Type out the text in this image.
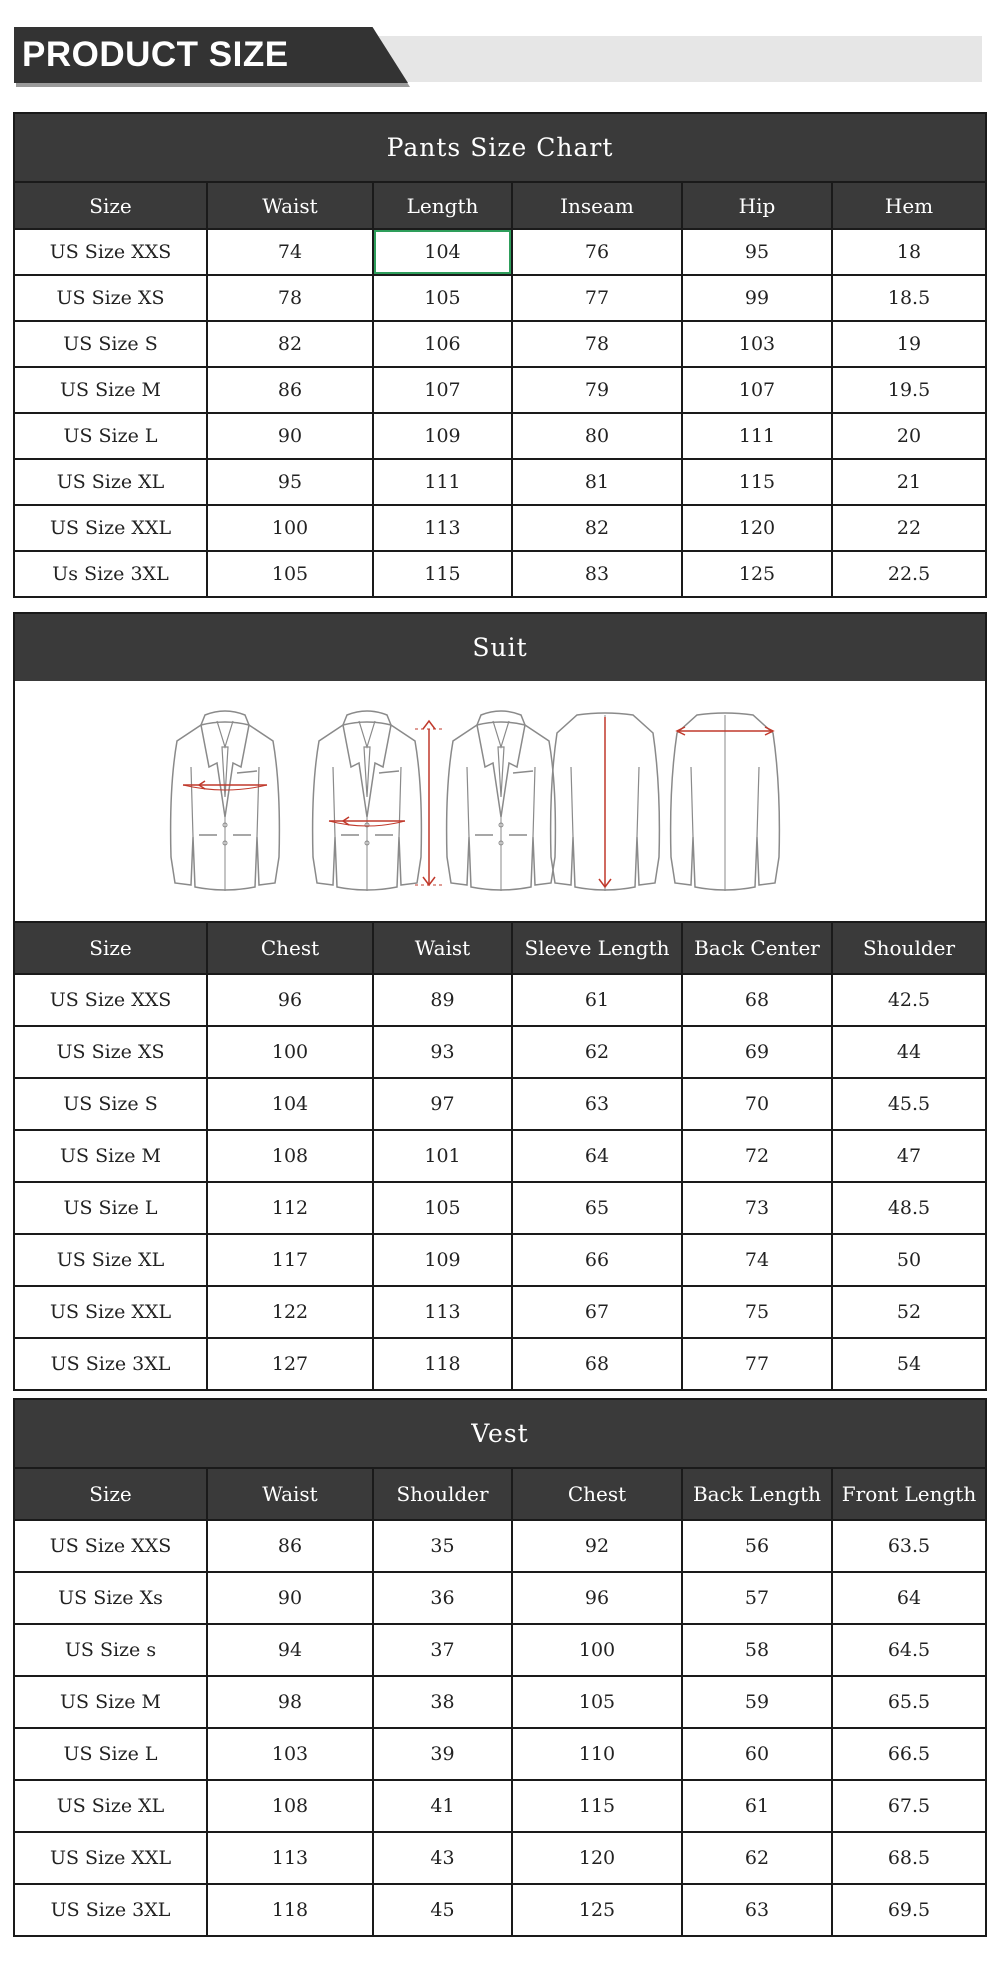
PRODUCT SIZE
Pants Size Chart					
Size	Waist	Length	Inseam	Hip	Hem
US Size XXS	74	104	76	95	18
US Size XS	78	105	77	99	18.5
US Size S	82	106	78	103	19
US Size M	86	107	79	107	19.5
US Size L	90	109	80	111	20
US Size XL	95	111	81	115	21
US Size XXL	100	113	82	120	22
Us Size 3XL	105	115	83	125	22.5
Suit
Size	Chest	Waist	Sleeve Length	Back Center	Shoulder
US Size XXS	96	89	61	68	42.5
US Size XS	100	93	62	69	44
US Size S	104	97	63	70	45.5
US Size M	108	101	64	72	47
US Size L	112	105	65	73	48.5
US Size XL	117	109	66	74	50
US Size XXL	122	113	67	75	52
US Size 3XL	127	118	68	77	54
Vest					
Size	Waist	Shoulder	Chest	Back Length	Front Length
US Size XXS	86	35	92	56	63.5
US Size Xs	90	36	96	57	64
US Size s	94	37	100	58	64.5
US Size M	98	38	105	59	65.5
US Size L	103	39	110	60	66.5
US Size XL	108	41	115	61	67.5
US Size XXL	113	43	120	62	68.5
US Size 3XL	118	45	125	63	69.5
